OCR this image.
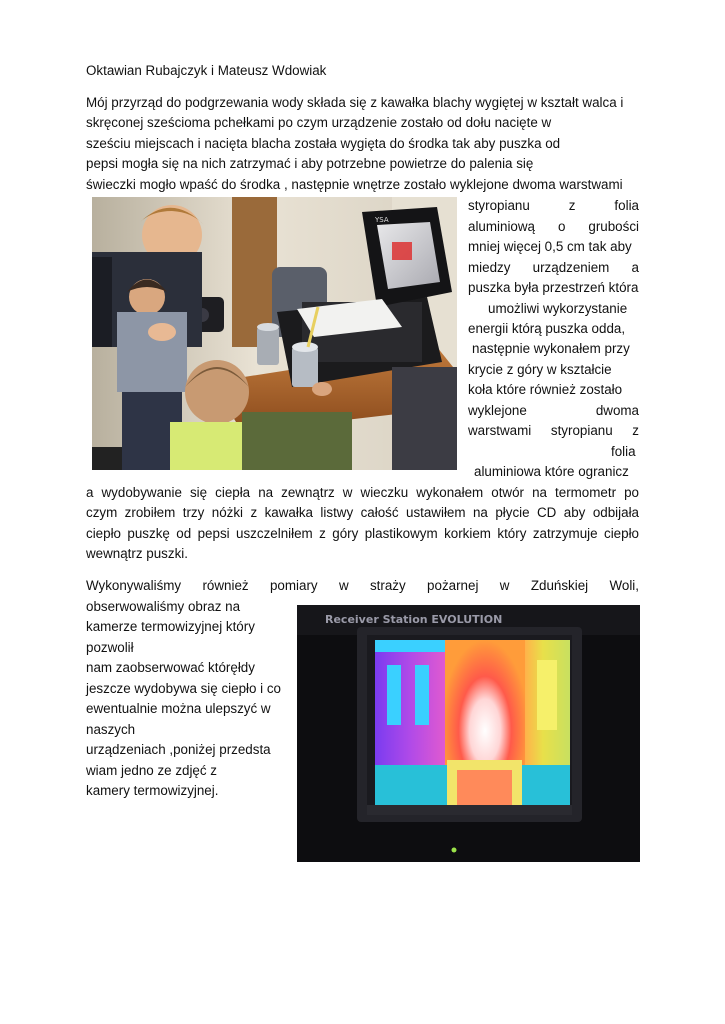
Oktawian Rubajczyk i Mateusz Wdowiak
Mój przyrząd do podgrzewania wody składa się z kawałka blachy wygiętej w kształt walca i
skręconej sześcioma pchełkami po czym urządzenie zostało od dołu nacięte w
sześciu miejscach i nacięta blacha została wygięta do środka tak aby puszka od
pepsi mogła się na nich zatrzymać i aby potrzebne powietrze do palenia się
świeczki mogło wpaść do środka , następnie wnętrze zostało wyklejone dwoma warstwami
YSA
styropianu z folia
aluminiową o grubości
mniej więcej 0,5 cm tak aby
miedzy urządzeniem a
puszka była przestrzeń która
umożliwi wykorzystanie
energii którą puszka odda,
następnie wykonałem przy
krycie z góry w kształcie
koła które również zostało
wyklejone dwoma
warstwami styropianu z
folia
aluminiowa które ogranicz
a wydobywanie się ciepła na zewnątrz w wieczku wykonałem otwór na termometr po
czym zrobiłem trzy nóżki z kawałka listwy całość ustawiłem na płycie CD aby odbijała
ciepło puszkę od pepsi uszczelniłem z góry plastikowym korkiem który zatrzymuje ciepło
wewnątrz puszki.
Wykonywaliśmy również pomiary w straży pożarnej w Zduńskiej Woli,
obserwowaliśmy obraz na
kamerze termowizyjnej który
pozwolił
nam zaobserwować któręłdy
jeszcze wydobywa się ciepło i co
ewentualnie można ulepszyć w
naszych
urządzeniach ,poniżej przedsta
wiam jedno ze zdjęć z
kamery termowizyjnej.
Receiver Station EVOLUTION
